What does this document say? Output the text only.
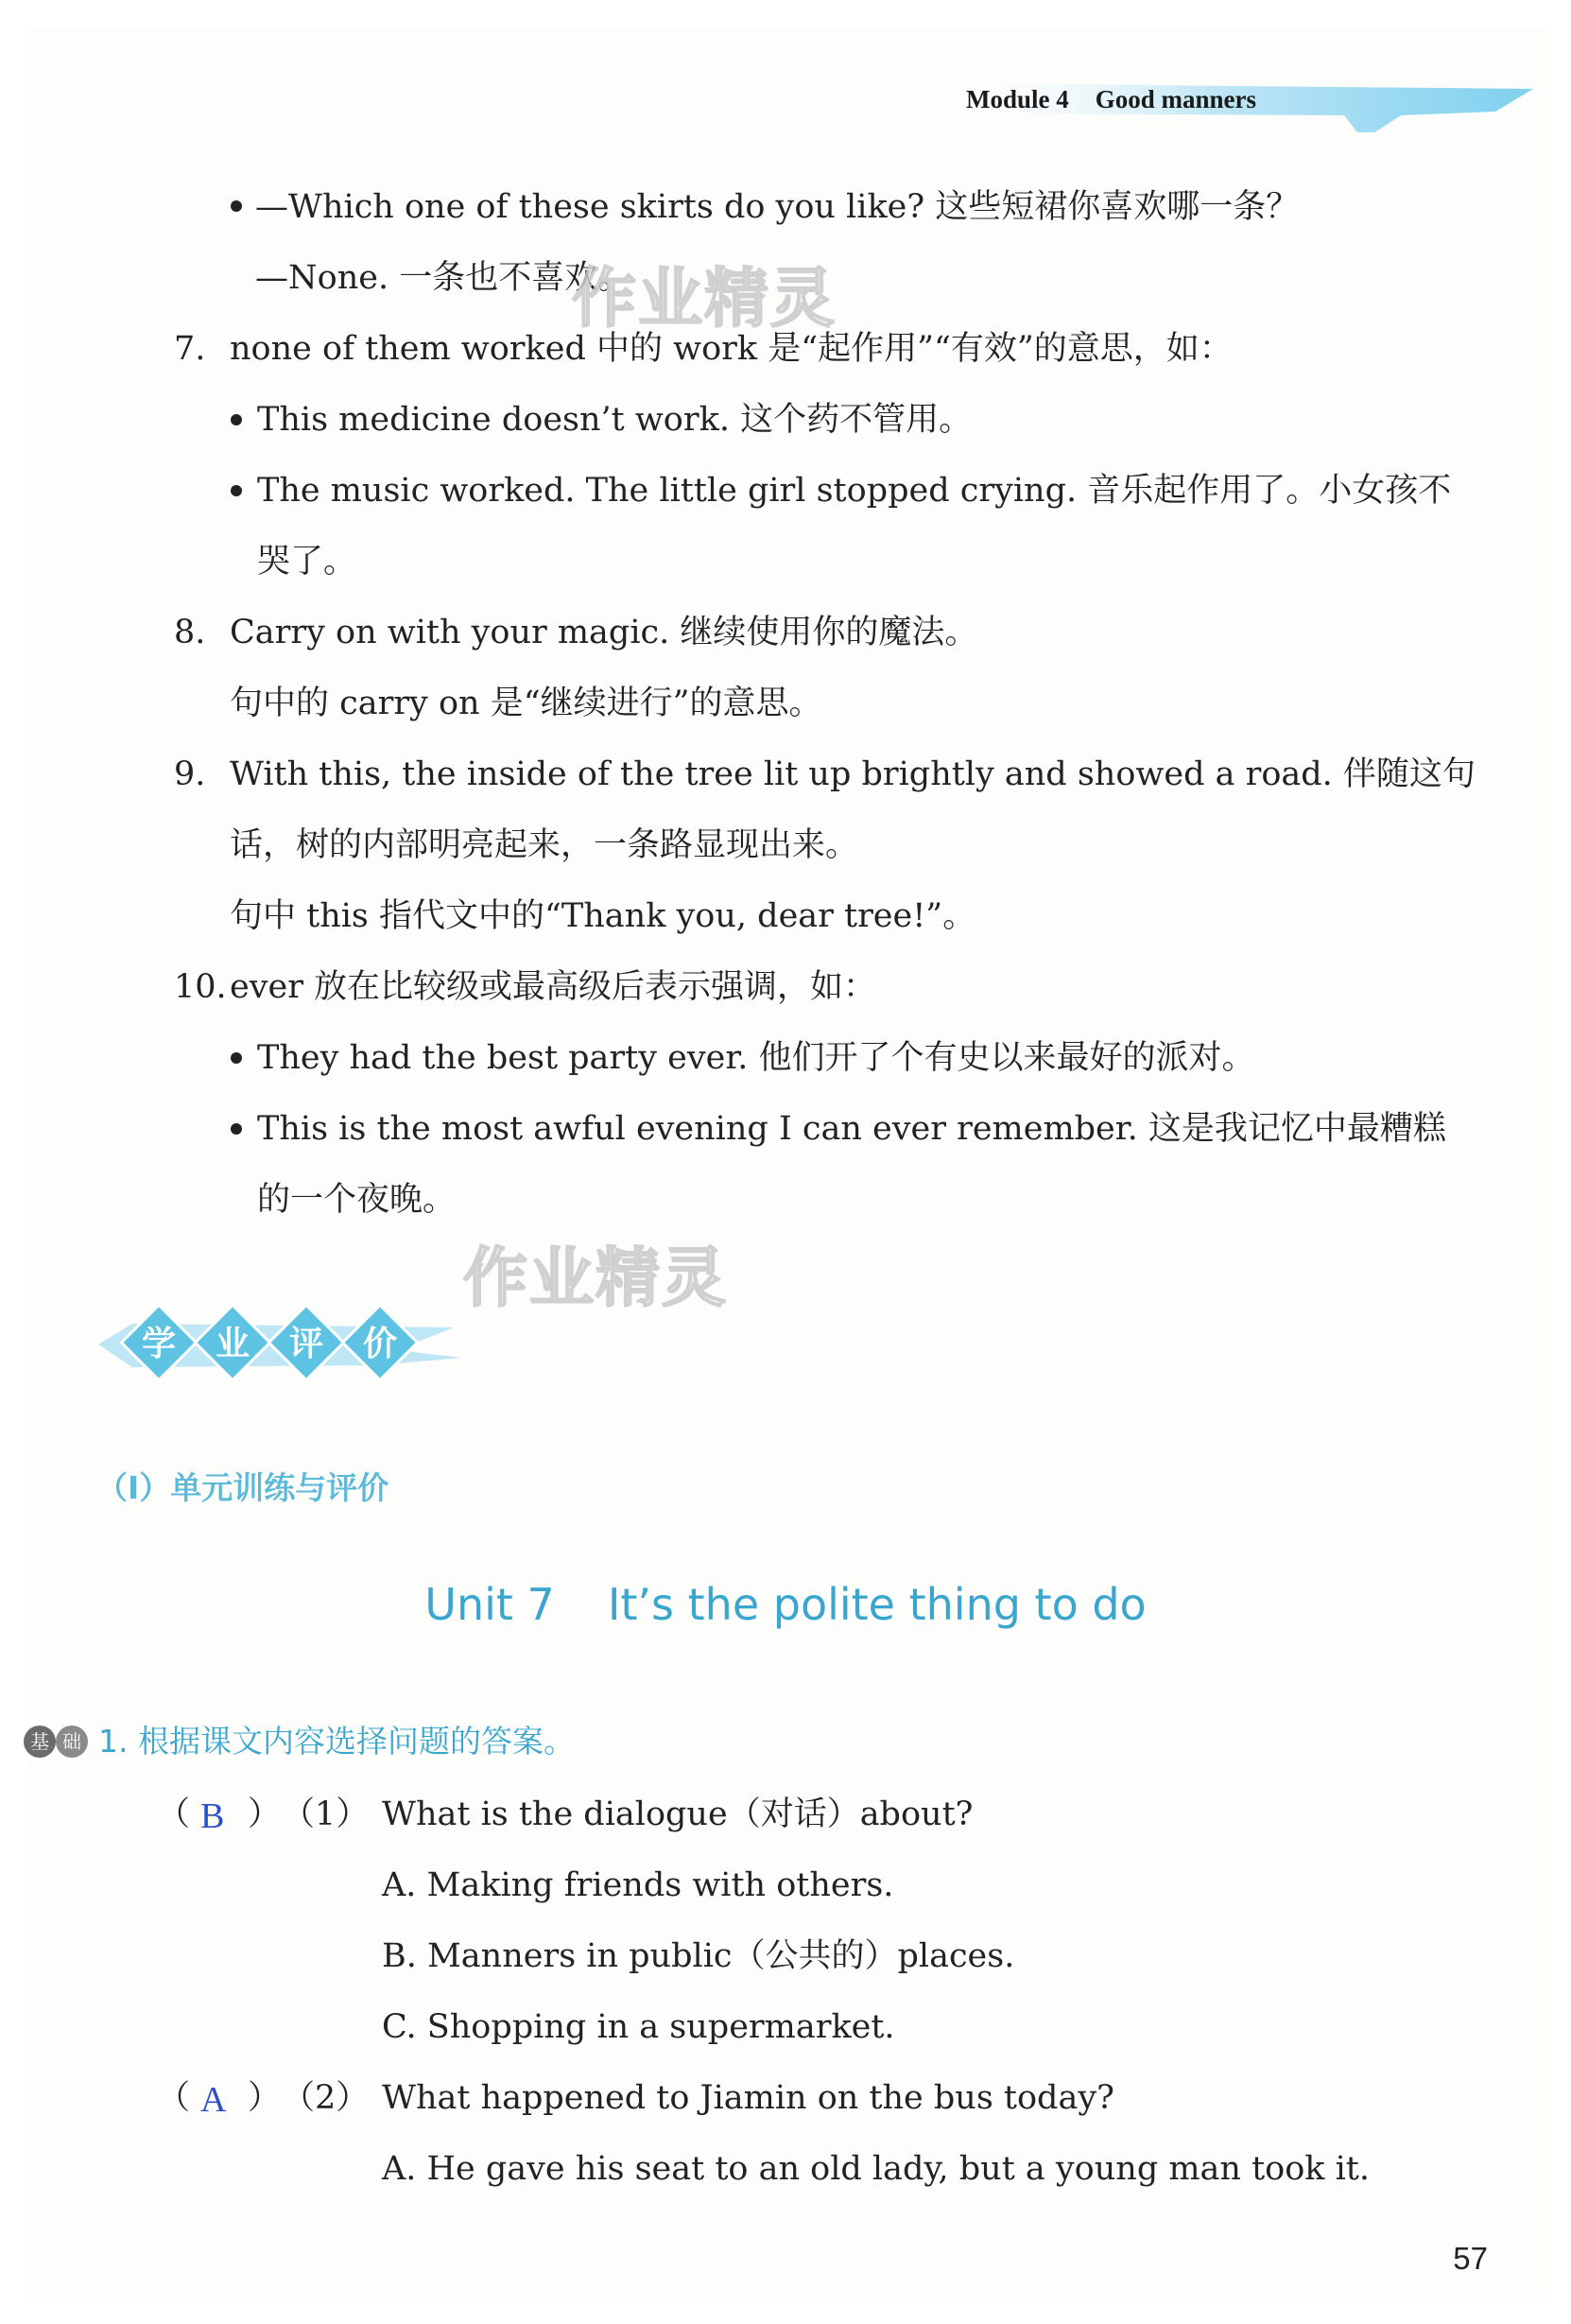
Module 4 Good manners
—Which one of these skirts do you like? 这些短裙你喜欢哪一条？
—None. 一条也不喜欢。
7. none of them worked 中的 work 是“起作用”“有效”的意思，如：
This medicine doesn’t work. 这个药不管用。
The music worked. The little girl stopped crying. 音乐起作用了。小女孩不
哭了。
8. Carry on with your magic. 继续使用你的魔法。
句中的 carry on 是“继续进行”的意思。
9. With this, the inside of the tree lit up brightly and showed a road. 伴随这句
话，树的内部明亮起来，一条路显现出来。
句中 this 指代文中的“Thank you, dear tree!”。
10. ever 放在比较级或最高级后表示强调，如：
They had the best party ever. 他们开了个有史以来最好的派对。
This is the most awful evening I can ever remember. 这是我记忆中最糟糕
的一个夜晚。
作业精灵
作业精灵
学 业 评 价
（Ⅰ）单元训练与评价
Unit 7 It’s the polite thing to do
基 础 1. 根据课文内容选择问题的答案。
（ B ） （1） What is the dialogue（对话）about?
A. Making friends with others.
B. Manners in public（公共的）places.
C. Shopping in a supermarket.
（ A ） （2） What happened to Jiamin on the bus today?
A. He gave his seat to an old lady, but a young man took it.
57
